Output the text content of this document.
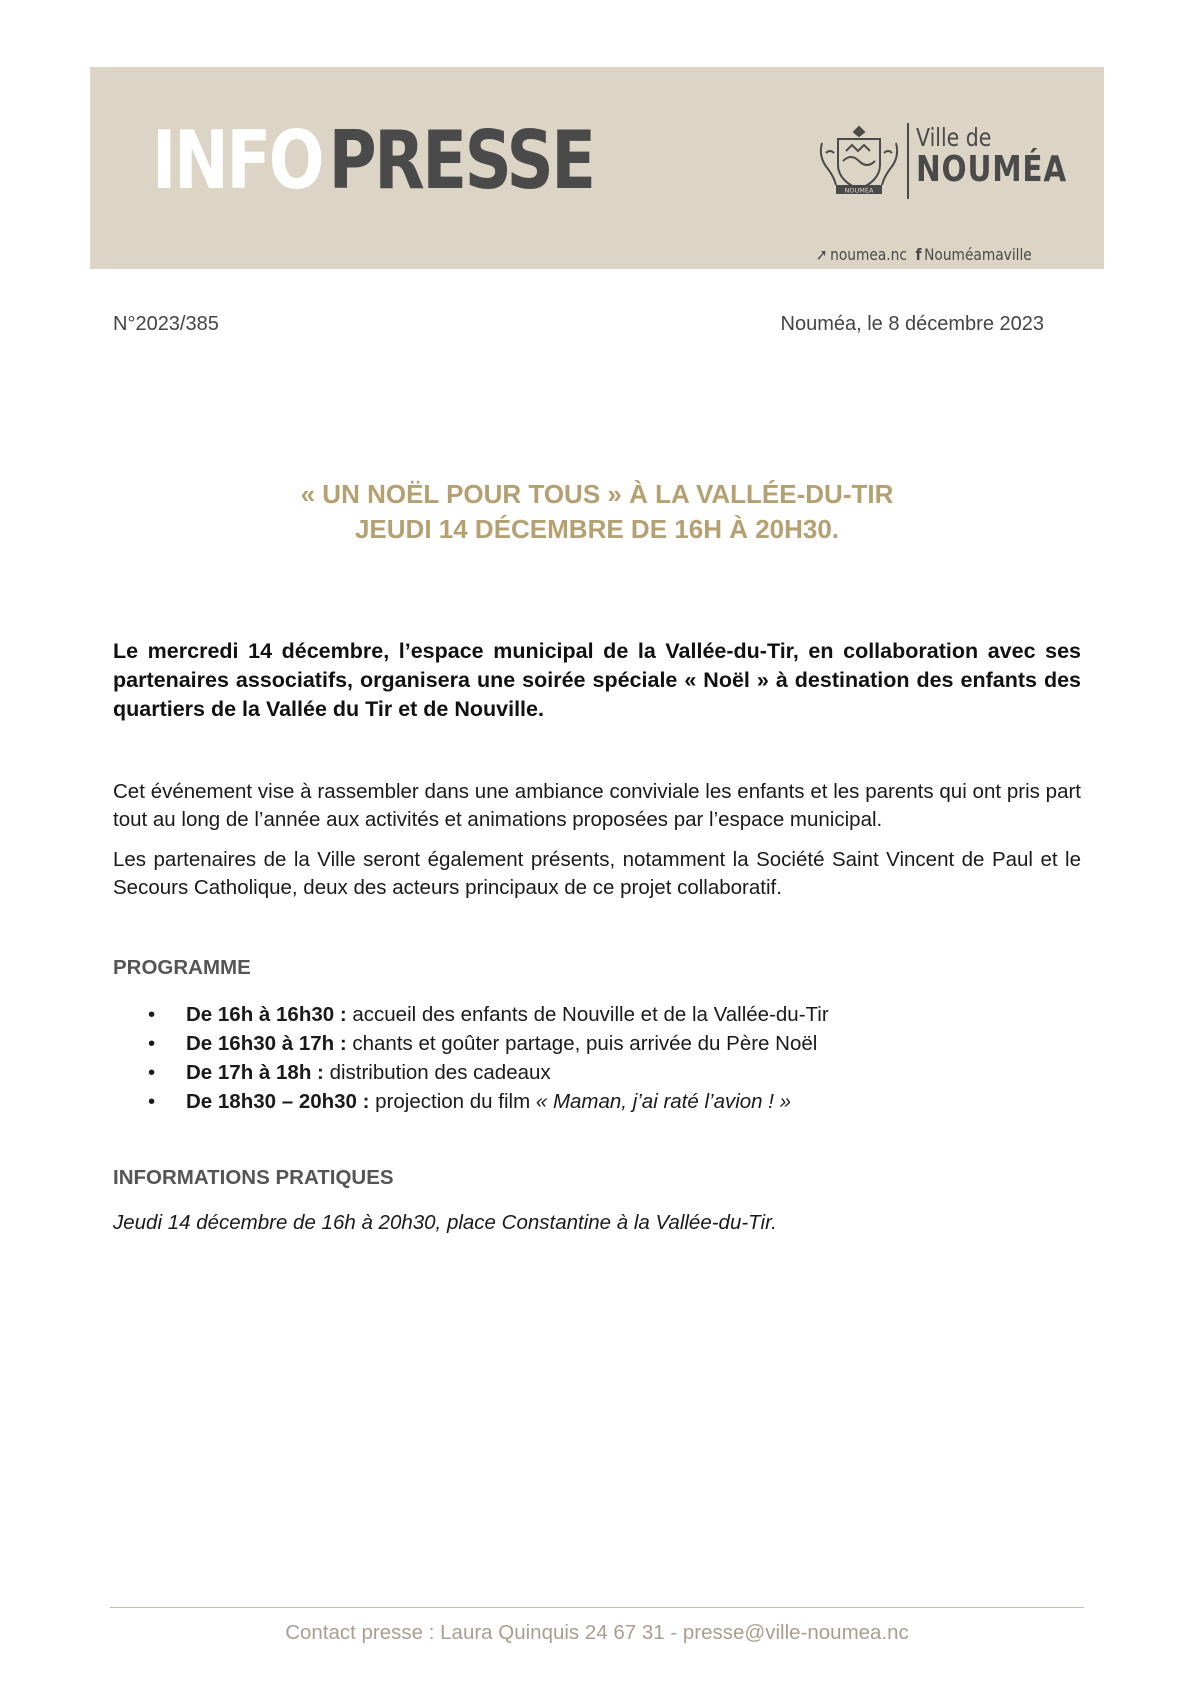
INFOPRESSE	NOUMÉA
Ville de
NOUMÉA
➚ noumea.nc f Nouméamaville
N°2023/385	Nouméa, le 8 décembre 2023
« UN NOËL POUR TOUS » À LA VALLÉE-DU-TIR
JEUDI 14 DÉCEMBRE DE 16H À 20H30.
Le mercredi 14 décembre, l’espace municipal de la Vallée-du-Tir, en collaboration avec ses partenaires associatifs, organisera une soirée spéciale « Noël » à destination des enfants des quartiers de la Vallée du Tir et de Nouville.
Cet événement vise à rassembler dans une ambiance conviviale les enfants et les parents qui ont pris part tout au long de l’année aux activités et animations proposées par l’espace municipal.
Les partenaires de la Ville seront également présents, notamment la Société Saint Vincent de Paul et le Secours Catholique, deux des acteurs principaux de ce projet collaboratif.
PROGRAMME
• De 16h à 16h30 : accueil des enfants de Nouville et de la Vallée-du-Tir
• De 16h30 à 17h : chants et goûter partage, puis arrivée du Père Noël
• De 17h à 18h : distribution des cadeaux
• De 18h30 – 20h30 : projection du film « Maman, j’ai raté l’avion ! »
INFORMATIONS PRATIQUES
Jeudi 14 décembre de 16h à 20h30, place Constantine à la Vallée-du-Tir.
Contact presse : Laura Quinquis 24 67 31 - presse@ville-noumea.nc
